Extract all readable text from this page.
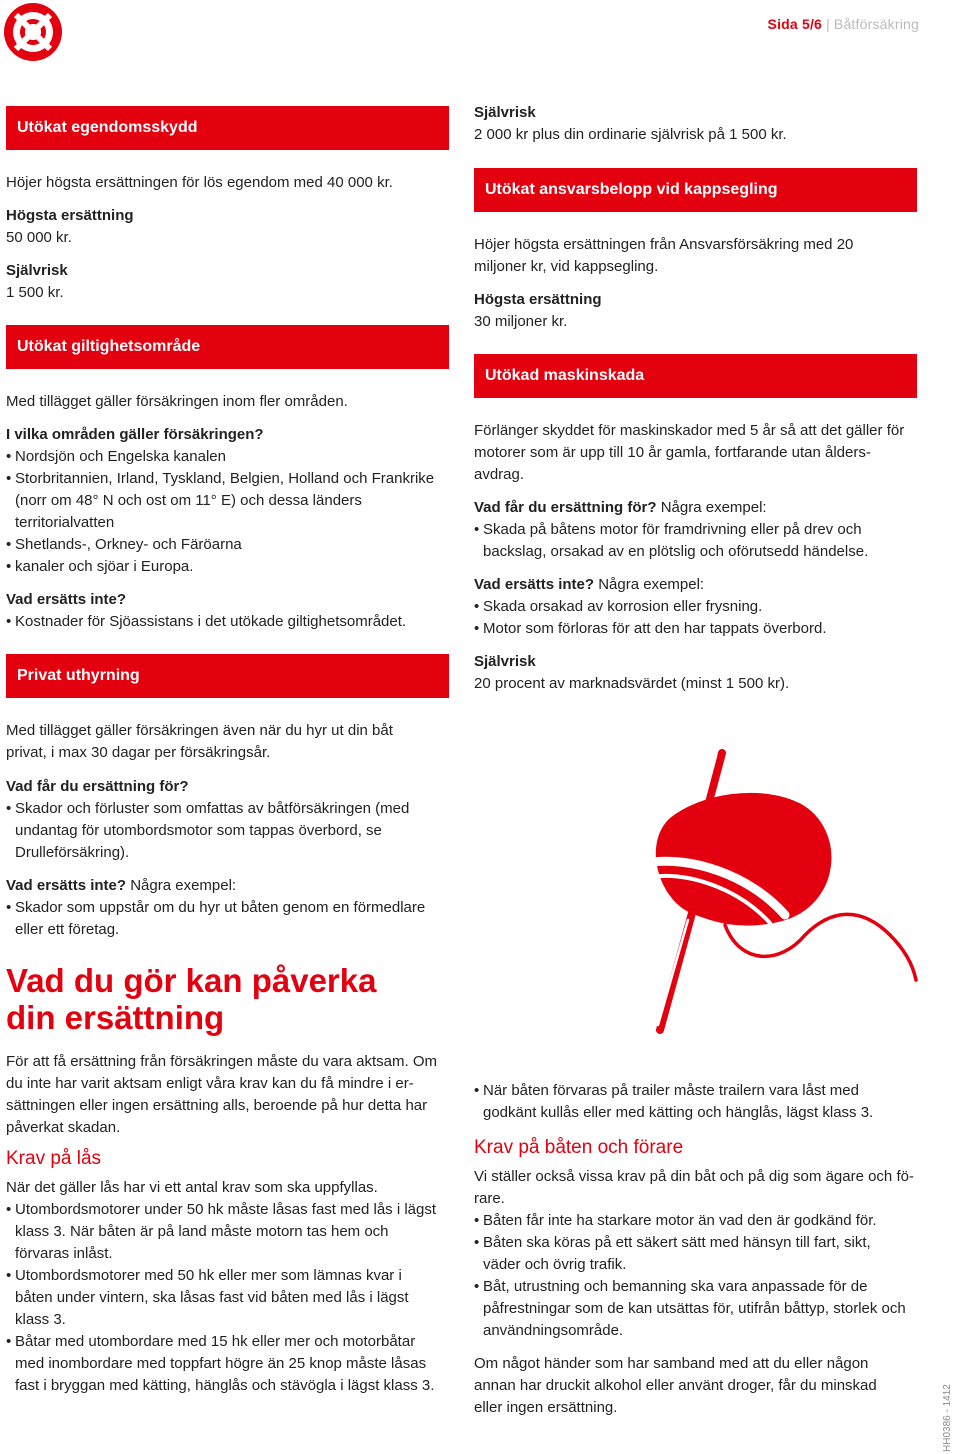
Sida 5/6 | Båtförsäkring
Utökat egendomsskydd

Höjer högsta ersättningen för lös egendom med 40 000 kr.

Högsta ersättning

50 000 kr.

Självrisk

1 500 kr.

Utökat giltighetsområde

Med tillägget gäller försäkringen inom fler områden.

I vilka områden gäller försäkringen?

• Nordsjön och Engelska kanalen
• Storbritannien, Irland, Tyskland, Belgien, Holland och Frankrike (norr om 48° N och ost om 11° E) och dessa länders territorialvatten
• Shetlands-, Orkney- och Färöarna
• kanaler och sjöar i Europa.

Vad ersätts inte?

• Kostnader för Sjöassistans i det utökade giltighetsområdet.
Privat uthyrning

Med tillägget gäller försäkringen även när du hyr ut din båt privat, i max 30 dagar per försäkringsår.

Vad får du ersättning för?

• Skador och förluster som omfattas av båtförsäkringen (med undantag för utombordsmotor som tappas överbord, se Drulleförsäkring).

Vad ersätts inte? Några exempel:

• Skador som uppstår om du hyr ut båten genom en förmedlare eller ett företag.
Vad du gör kan påverka
din ersättning

För att få ersättning från försäkringen måste du vara aktsam. Om du inte har varit aktsam enligt våra krav kan du få mindre i er- sättningen eller ingen ersättning alls, beroende på hur detta har påverkat skadan.

Krav på lås

När det gäller lås har vi ett antal krav som ska uppfyllas.

• Utombordsmotorer under 50 hk måste låsas fast med lås i lägst klass 3. När båten är på land måste motorn tas hem och förvaras inlåst.
• Utombordsmotorer med 50 hk eller mer som lämnas kvar i båten under vintern, ska låsas fast vid båten med lås i lägst klass 3.
• Båtar med utombordare med 15 hk eller mer och motorbåtar med inombordare med toppfart högre än 25 knop måste låsas fast i bryggan med kätting, hänglås och stävögla i lägst klass 3.

Självrisk

2 000 kr plus din ordinarie självrisk på 1 500 kr.

Utökat ansvarsbelopp vid kappsegling

Höjer högsta ersättningen från Ansvarsförsäkring med 20 miljoner kr, vid kappsegling.

Högsta ersättning

30 miljoner kr.

Utökad maskinskada

Förlänger skyddet för maskinskador med 5 år så att det gäller för motorer som är upp till 10 år gamla, fortfarande utan ålders- avdrag.

Vad får du ersättning för? Några exempel:

• Skada på båtens motor för framdrivning eller på drev och backslag, orsakad av en plötslig och oförutsedd händelse.

Vad ersätts inte? Några exempel:

• Skada orsakad av korrosion eller frysning.
• Motor som förloras för att den har tappats överbord.

Självrisk

20 procent av marknadsvärdet (minst 1 500 kr).

• När båten förvaras på trailer måste trailern vara låst med godkänt kullås eller med kätting och hänglås, lägst klass 3.

Krav på båten och förare

Vi ställer också vissa krav på din båt och på dig som ägare och fö- rare.

• Båten får inte ha starkare motor än vad den är godkänd för.
• Båten ska köras på ett säkert sätt med hänsyn till fart, sikt, väder och övrig trafik.
• Båt, utrustning och bemanning ska vara anpassade för de påfrestningar som de kan utsättas för, utifrån båttyp, storlek och användningsområde.

Om något händer som har samband med att du eller någon annan har druckit alkohol eller använt droger, får du minskad eller ingen ersättning.	HH0386 - 1412
